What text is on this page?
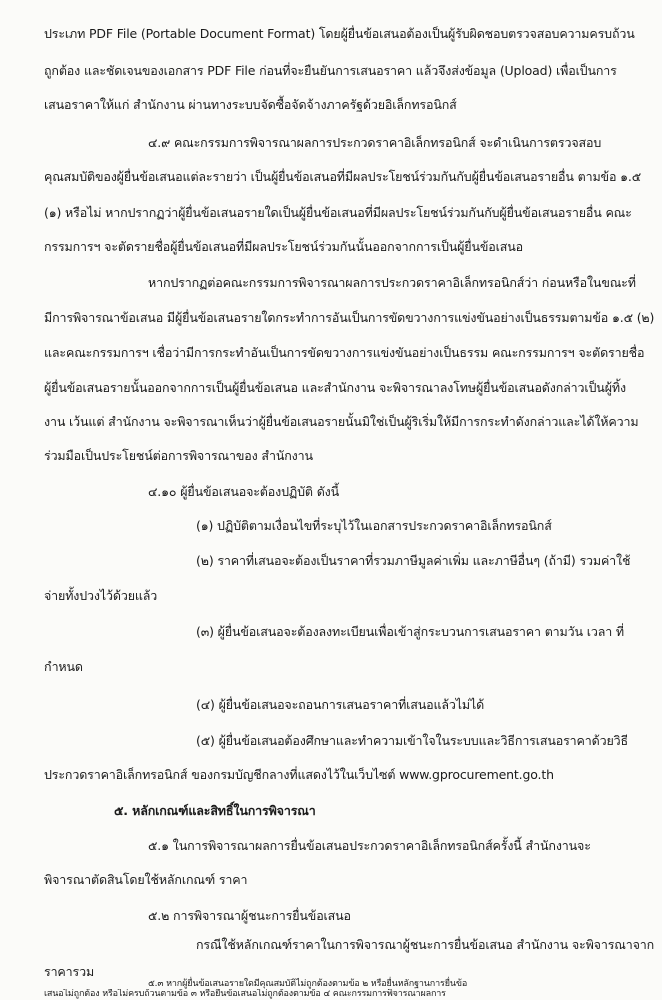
ประเภท PDF File (Portable Document Format) โดยผู้ยื่นข้อเสนอต้องเป็นผู้รับผิดชอบตรวจสอบความครบถ้วน
ถูกต้อง และชัดเจนของเอกสาร PDF File ก่อนที่จะยืนยันการเสนอราคา แล้วจึงส่งข้อมูล (Upload) เพื่อเป็นการ
เสนอราคาให้แก่ สำนักงาน ผ่านทางระบบจัดซื้อจัดจ้างภาครัฐด้วยอิเล็กทรอนิกส์
๔.๙ คณะกรรมการพิจารณาผลการประกวดราคาอิเล็กทรอนิกส์ จะดำเนินการตรวจสอบ
คุณสมบัติของผู้ยื่นข้อเสนอแต่ละรายว่า เป็นผู้ยื่นข้อเสนอที่มีผลประโยชน์ร่วมกันกับผู้ยื่นข้อเสนอรายอื่น ตามข้อ ๑.๕
(๑) หรือไม่ หากปรากฏว่าผู้ยื่นข้อเสนอรายใดเป็นผู้ยื่นข้อเสนอที่มีผลประโยชน์ร่วมกันกับผู้ยื่นข้อเสนอรายอื่น คณะ
กรรมการฯ จะตัดรายชื่อผู้ยื่นข้อเสนอที่มีผลประโยชน์ร่วมกันนั้นออกจากการเป็นผู้ยื่นข้อเสนอ
หากปรากฏต่อคณะกรรมการพิจารณาผลการประกวดราคาอิเล็กทรอนิกส์ว่า ก่อนหรือในขณะที่
มีการพิจารณาข้อเสนอ มีผู้ยื่นข้อเสนอรายใดกระทำการอันเป็นการขัดขวางการแข่งขันอย่างเป็นธรรมตามข้อ ๑.๕ (๒)
และคณะกรรมการฯ เชื่อว่ามีการกระทำอันเป็นการขัดขวางการแข่งขันอย่างเป็นธรรม คณะกรรมการฯ จะตัดรายชื่อ
ผู้ยื่นข้อเสนอรายนั้นออกจากการเป็นผู้ยื่นข้อเสนอ และสำนักงาน จะพิจารณาลงโทษผู้ยื่นข้อเสนอดังกล่าวเป็นผู้ทิ้ง
งาน เว้นแต่ สำนักงาน จะพิจารณาเห็นว่าผู้ยื่นข้อเสนอรายนั้นมิใช่เป็นผู้ริเริ่มให้มีการกระทำดังกล่าวและได้ให้ความ
ร่วมมือเป็นประโยชน์ต่อการพิจารณาของ สำนักงาน
๔.๑๐ ผู้ยื่นข้อเสนอจะต้องปฏิบัติ ดังนี้
(๑) ปฏิบัติตามเงื่อนไขที่ระบุไว้ในเอกสารประกวดราคาอิเล็กทรอนิกส์
(๒) ราคาที่เสนอจะต้องเป็นราคาที่รวมภาษีมูลค่าเพิ่ม และภาษีอื่นๆ (ถ้ามี) รวมค่าใช้
จ่ายทั้งปวงไว้ด้วยแล้ว
(๓) ผู้ยื่นข้อเสนอจะต้องลงทะเบียนเพื่อเข้าสู่กระบวนการเสนอราคา ตามวัน เวลา ที่
กำหนด
(๔) ผู้ยื่นข้อเสนอจะถอนการเสนอราคาที่เสนอแล้วไม่ได้
(๕) ผู้ยื่นข้อเสนอต้องศึกษาและทำความเข้าใจในระบบและวิธีการเสนอราคาด้วยวิธี
ประกวดราคาอิเล็กทรอนิกส์ ของกรมบัญชีกลางที่แสดงไว้ในเว็บไซต์ www.gprocurement.go.th
๕. หลักเกณฑ์และสิทธิ์ในการพิจารณา
๕.๑ ในการพิจารณาผลการยื่นข้อเสนอประกวดราคาอิเล็กทรอนิกส์ครั้งนี้ สำนักงานจะ
พิจารณาตัดสินโดยใช้หลักเกณฑ์ ราคา
๕.๒ การพิจารณาผู้ชนะการยื่นข้อเสนอ
กรณีใช้หลักเกณฑ์ราคาในการพิจารณาผู้ชนะการยื่นข้อเสนอ สำนักงาน จะพิจารณาจาก
ราคารวม
๕.๓ หากผู้ยื่นข้อเสนอรายใดมีคุณสมบัติไม่ถูกต้องตามข้อ ๒ หรือยื่นหลักฐานการยื่นข้อ
เสนอไม่ถูกต้อง หรือไม่ครบถ้วนตามข้อ ๓ หรือยื่นข้อเสนอไม่ถูกต้องตามข้อ ๔ คณะกรรมการพิจารณาผลการ
